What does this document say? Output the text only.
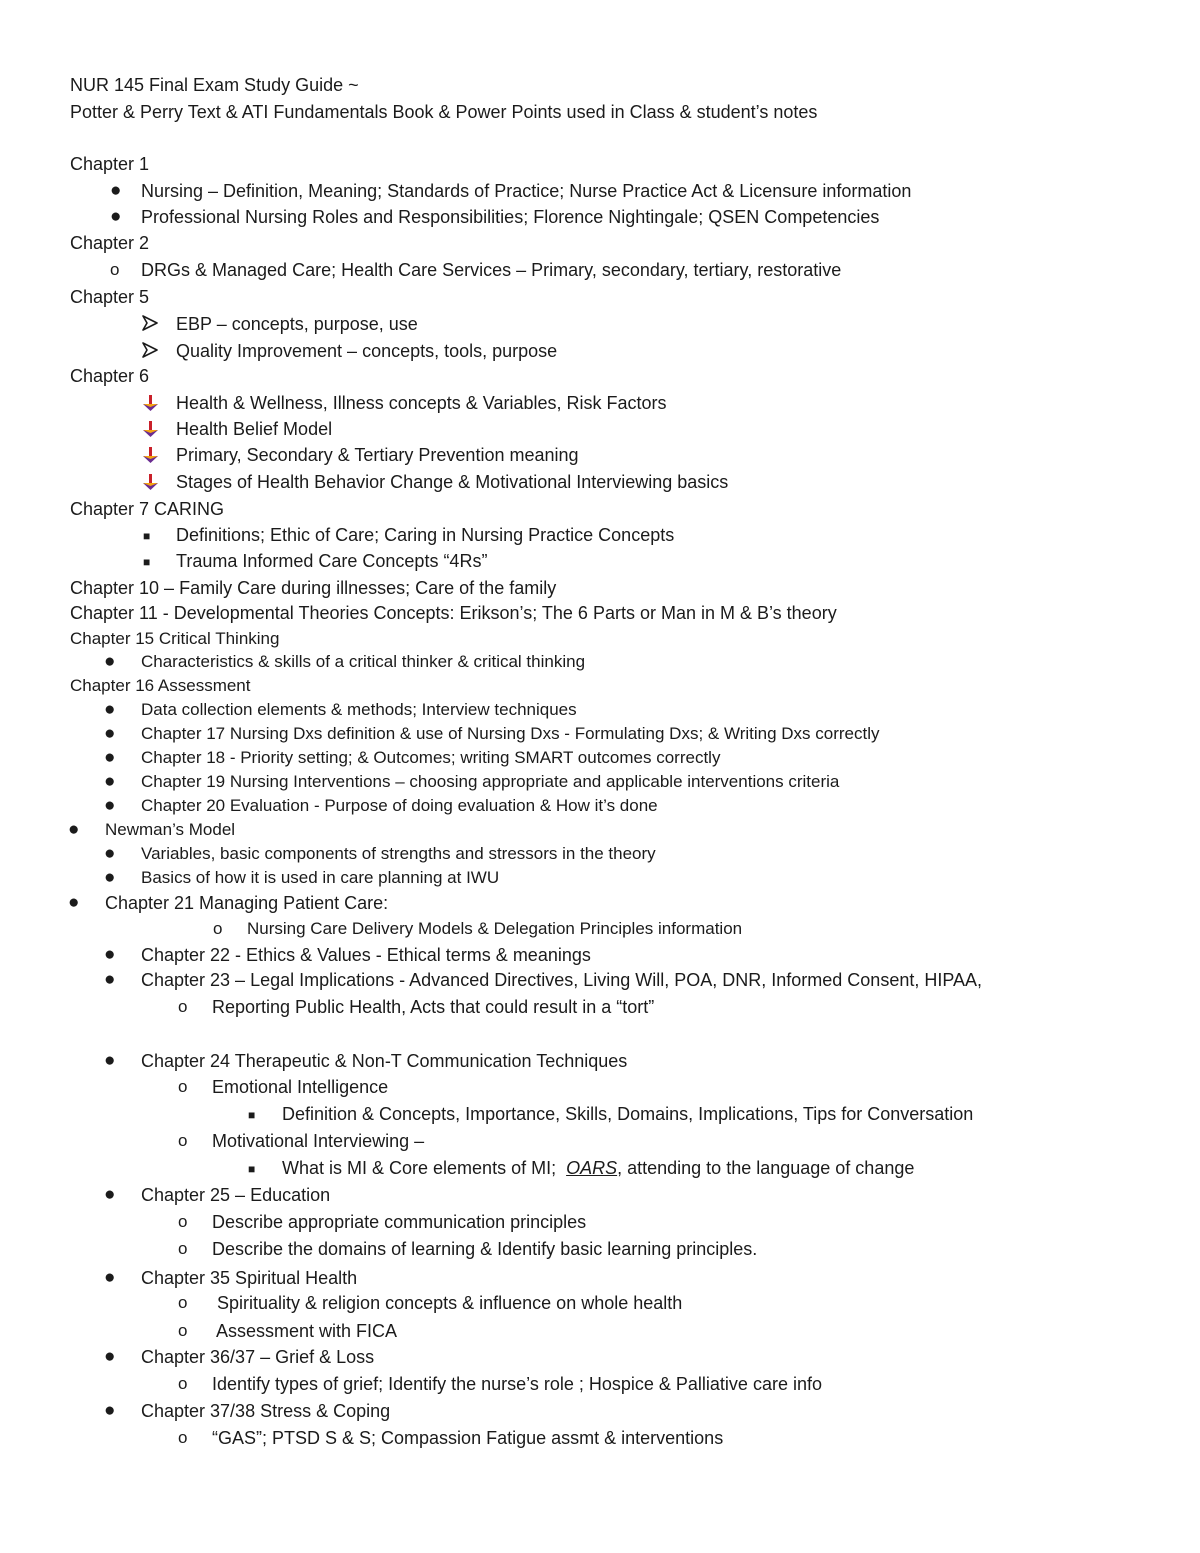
NUR 145 Final Exam Study Guide ~
Potter & Perry Text & ATI Fundamentals Book & Power Points used in Class & student’s notes
Chapter 1
● Nursing – Definition, Meaning; Standards of Practice; Nurse Practice Act & Licensure information
● Professional Nursing Roles and Responsibilities; Florence Nightingale; QSEN Competencies
Chapter 2
o DRGs & Managed Care; Health Care Services – Primary, secondary, tertiary, restorative
Chapter 5
EBP – concepts, purpose, use
Quality Improvement – concepts, tools, purpose
Chapter 6
Health & Wellness, Illness concepts & Variables, Risk Factors
Health Belief Model
Primary, Secondary & Tertiary Prevention meaning
Stages of Health Behavior Change & Motivational Interviewing basics
Chapter 7 CARING
■ Definitions; Ethic of Care; Caring in Nursing Practice Concepts
■ Trauma Informed Care Concepts “4Rs”
Chapter 10 – Family Care during illnesses; Care of the family
Chapter 11 - Developmental Theories Concepts: Erikson’s; The 6 Parts or Man in M & B’s theory
Chapter 15 Critical Thinking
● Characteristics & skills of a critical thinker & critical thinking
Chapter 16 Assessment
● Data collection elements & methods; Interview techniques
● Chapter 17 Nursing Dxs definition & use of Nursing Dxs - Formulating Dxs; & Writing Dxs correctly
● Chapter 18 - Priority setting; & Outcomes; writing SMART outcomes correctly
● Chapter 19 Nursing Interventions – choosing appropriate and applicable interventions criteria
● Chapter 20 Evaluation - Purpose of doing evaluation & How it’s done
● Newman’s Model
● Variables, basic components of strengths and stressors in the theory
● Basics of how it is used in care planning at IWU
● Chapter 21 Managing Patient Care:
o Nursing Care Delivery Models & Delegation Principles information
● Chapter 22 - Ethics & Values - Ethical terms & meanings
● Chapter 23 – Legal Implications - Advanced Directives, Living Will, POA, DNR, Informed Consent, HIPAA,
o Reporting Public Health, Acts that could result in a “tort”
● Chapter 24 Therapeutic & Non-T Communication Techniques
o Emotional Intelligence
■ Definition & Concepts, Importance, Skills, Domains, Implications, Tips for Conversation
o Motivational Interviewing –
■ What is MI & Core elements of MI;  OARS, attending to the language of change
● Chapter 25 – Education
o Describe appropriate communication principles
o Describe the domains of learning & Identify basic learning principles.
● Chapter 35 Spiritual Health
o Spirituality & religion concepts & influence on whole health
o Assessment with FICA
● Chapter 36/37 – Grief & Loss
o Identify types of grief; Identify the nurse’s role ; Hospice & Palliative care info
● Chapter 37/38 Stress & Coping
o “GAS”; PTSD S & S; Compassion Fatigue assmt & interventions
